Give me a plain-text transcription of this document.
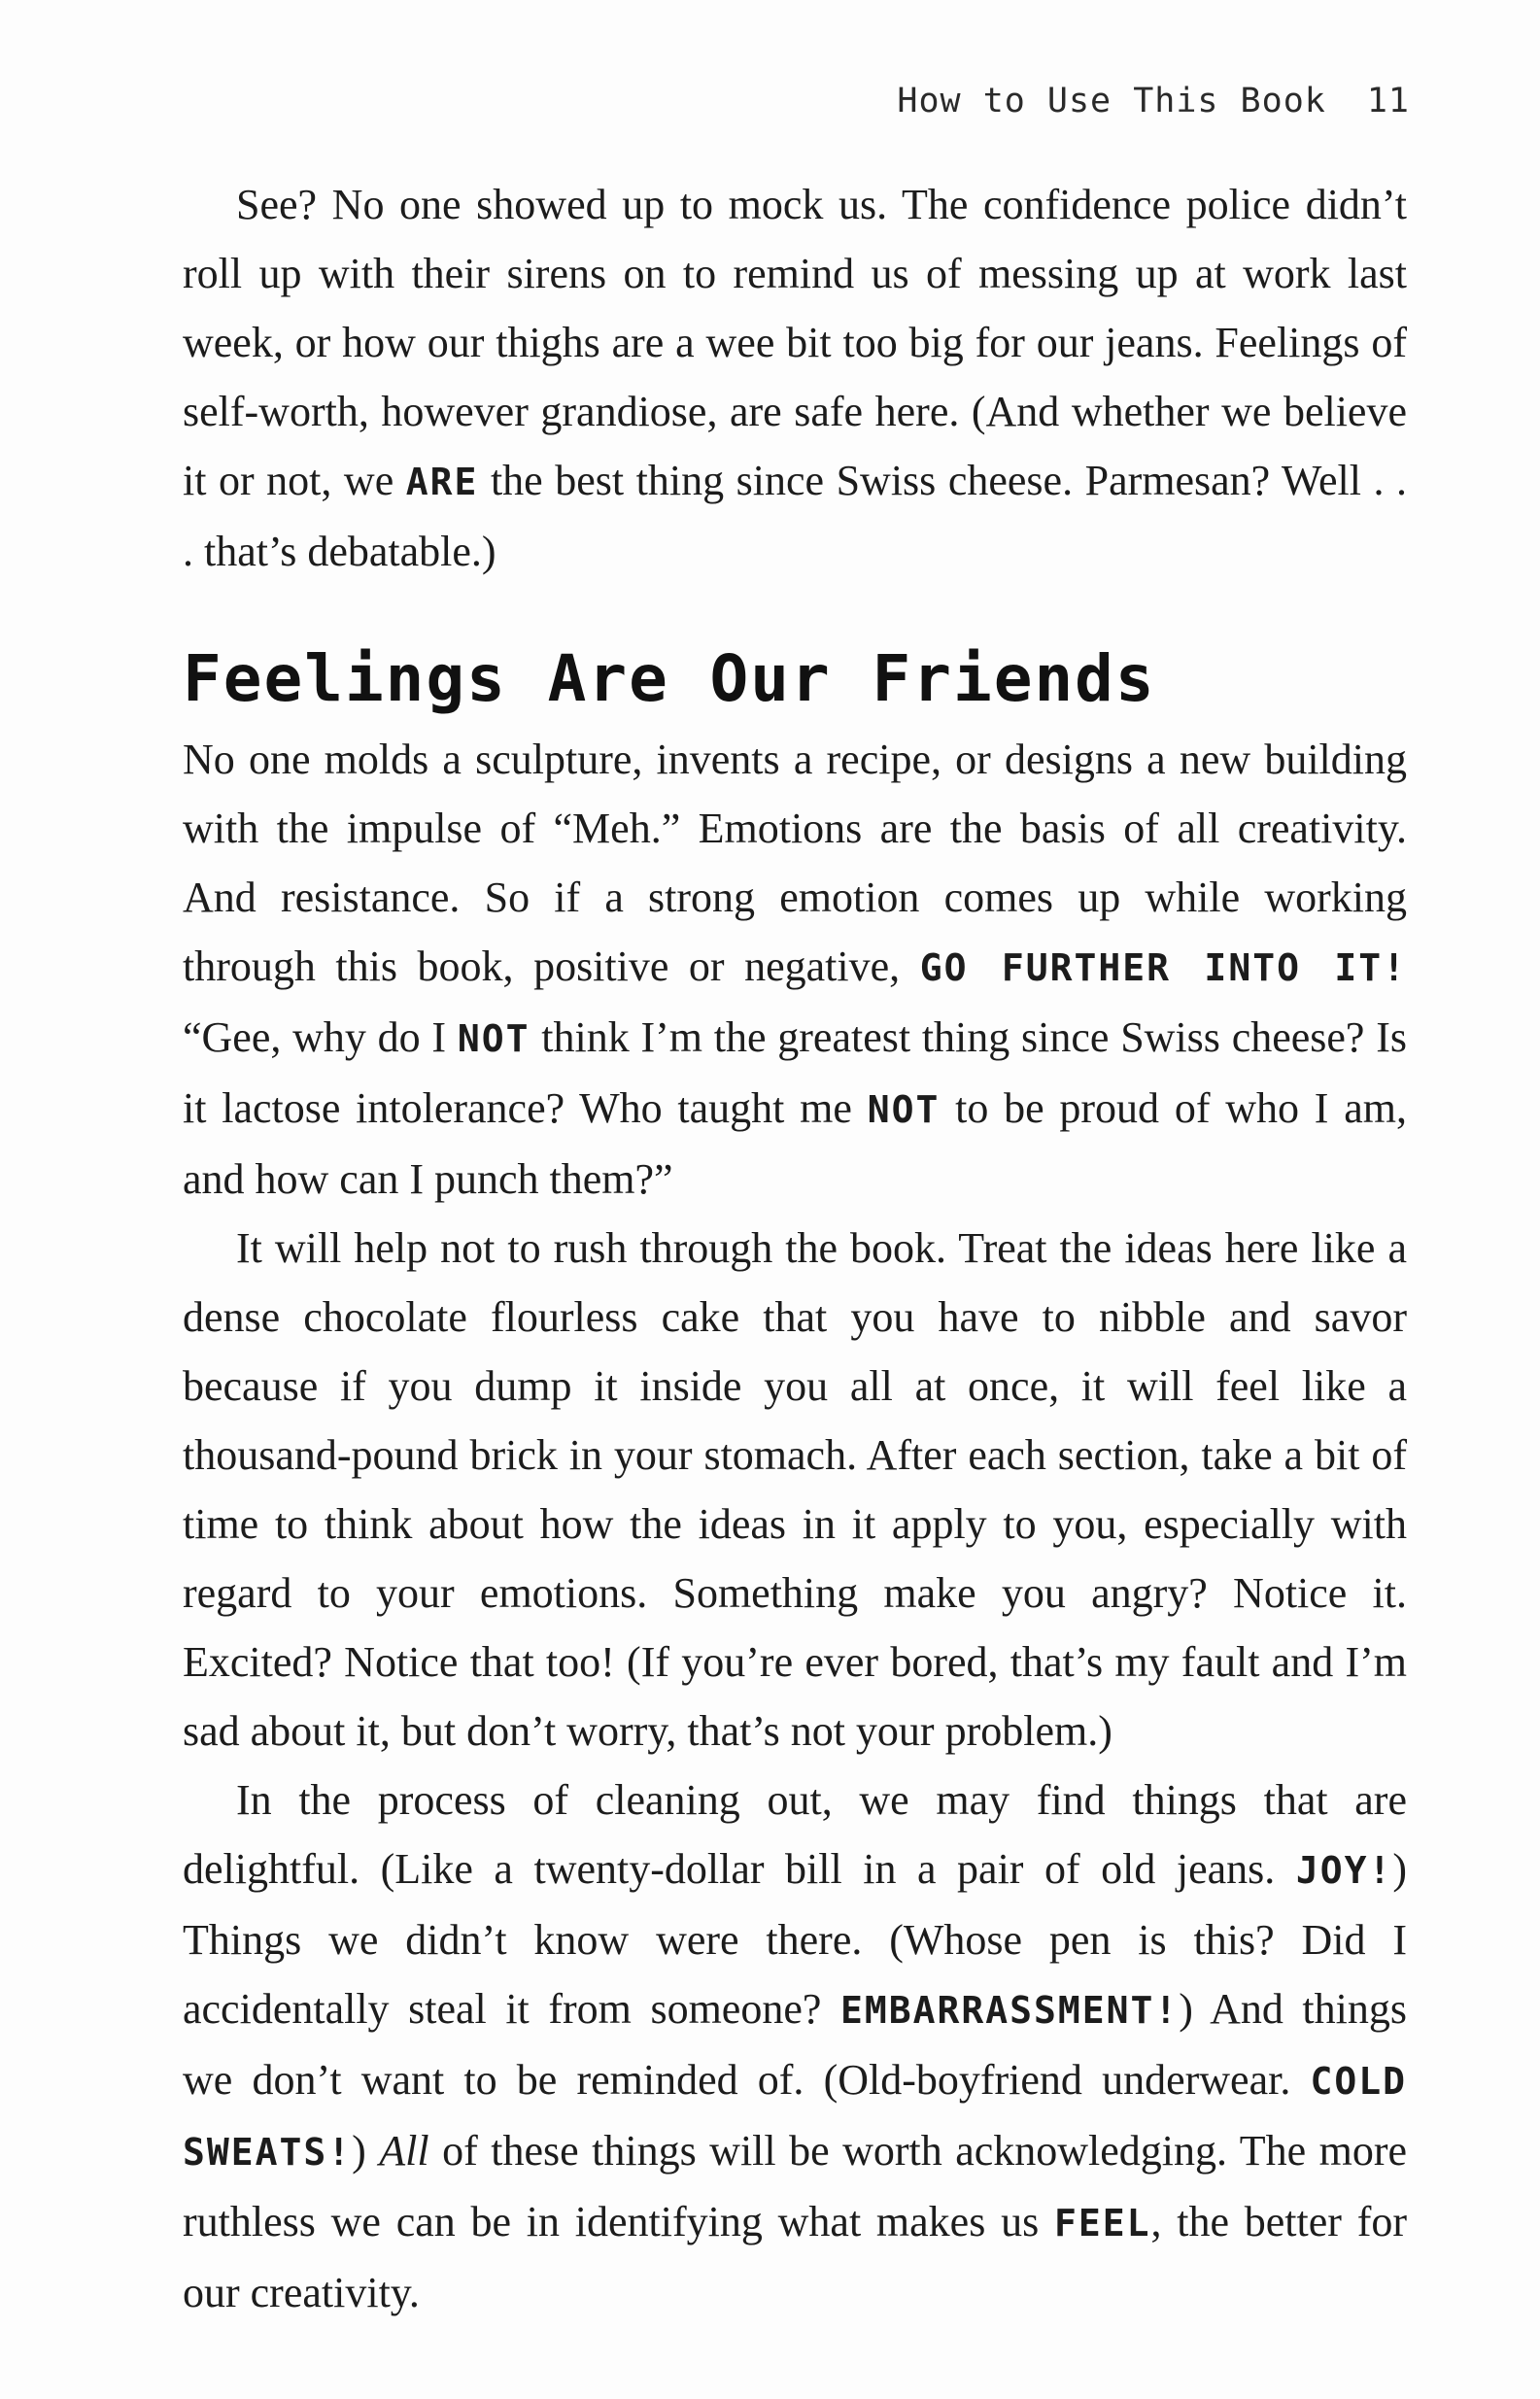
How to Use This Book 11

See? No one showed up to mock us. The confidence police didn’t roll up with their sirens on to remind us of messing up at work last week, or how our thighs are a wee bit too big for our jeans. Feelings of self-worth, however grandiose, are safe here. (And whether we believe it or not, we ARE the best thing since Swiss cheese. Parmesan? Well . . . that’s debatable.)

Feelings Are Our Friends

No one molds a sculpture, invents a recipe, or designs a new building with the impulse of “Meh.” Emotions are the basis of all creativity. And resistance. So if a strong emotion comes up while working through this book, positive or negative, GO FURTHER INTO IT! “Gee, why do I NOT think I’m the greatest thing since Swiss cheese? Is it lactose intolerance? Who taught me NOT to be proud of who I am, and how can I punch them?”

It will help not to rush through the book. Treat the ideas here like a dense chocolate flourless cake that you have to nibble and savor because if you dump it inside you all at once, it will feel like a thousand-pound brick in your stomach. After each section, take a bit of time to think about how the ideas in it apply to you, especially with regard to your emotions. Something make you angry? Notice it. Excited? Notice that too! (If you’re ever bored, that’s my fault and I’m sad about it, but don’t worry, that’s not your problem.)

In the process of cleaning out, we may find things that are delightful. (Like a twenty-dollar bill in a pair of old jeans. JOY!) Things we didn’t know were there. (Whose pen is this? Did I accidentally steal it from someone? EMBARRASSMENT!) And things we don’t want to be reminded of. (Old-boyfriend underwear. COLD SWEATS!) All of these things will be worth acknowledging. The more ruthless we can be in identifying what makes us FEEL, the better for our creativity.
